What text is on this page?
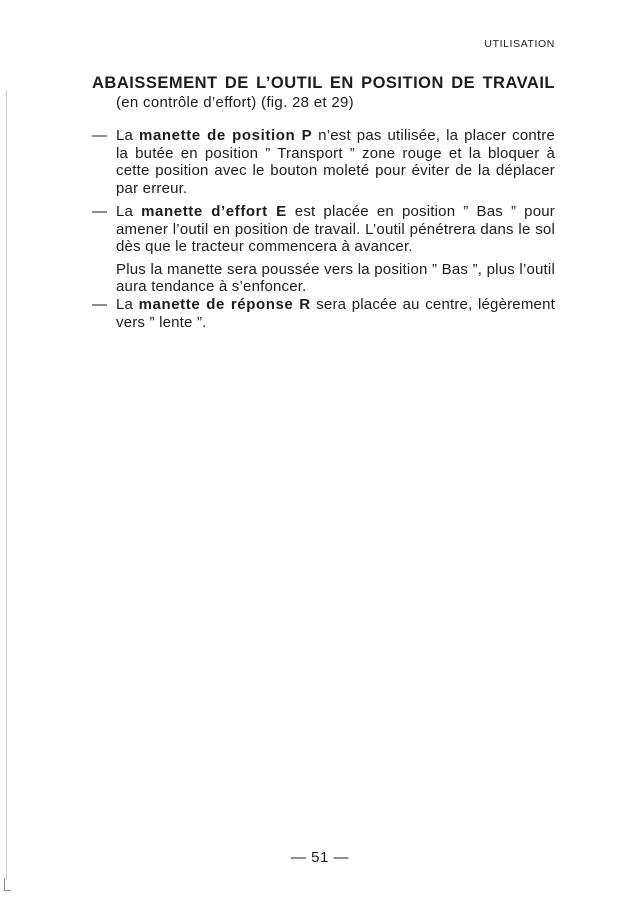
UTILISATION
ABAISSEMENT DE L’OUTIL EN POSITION DE TRAVAIL
(en contrôle d’effort) (fig. 28 et 29)
— La manette de position P n’est pas utilisée, la placer contre la butée en position ” Transport ” zone rouge et la bloquer à cette position avec le bouton moleté pour éviter de la déplacer par erreur.

— La manette d’effort E est placée en position ” Bas ” pour amener l’outil en position de travail. L’outil pénétrera dans le sol dès que le tracteur commencera à avancer.

Plus la manette sera poussée vers la position ” Bas ”, plus l’outil aura tendance à s’enfoncer.

— La manette de réponse R sera placée au centre, légèrement vers ” lente ”.

— 51 —
